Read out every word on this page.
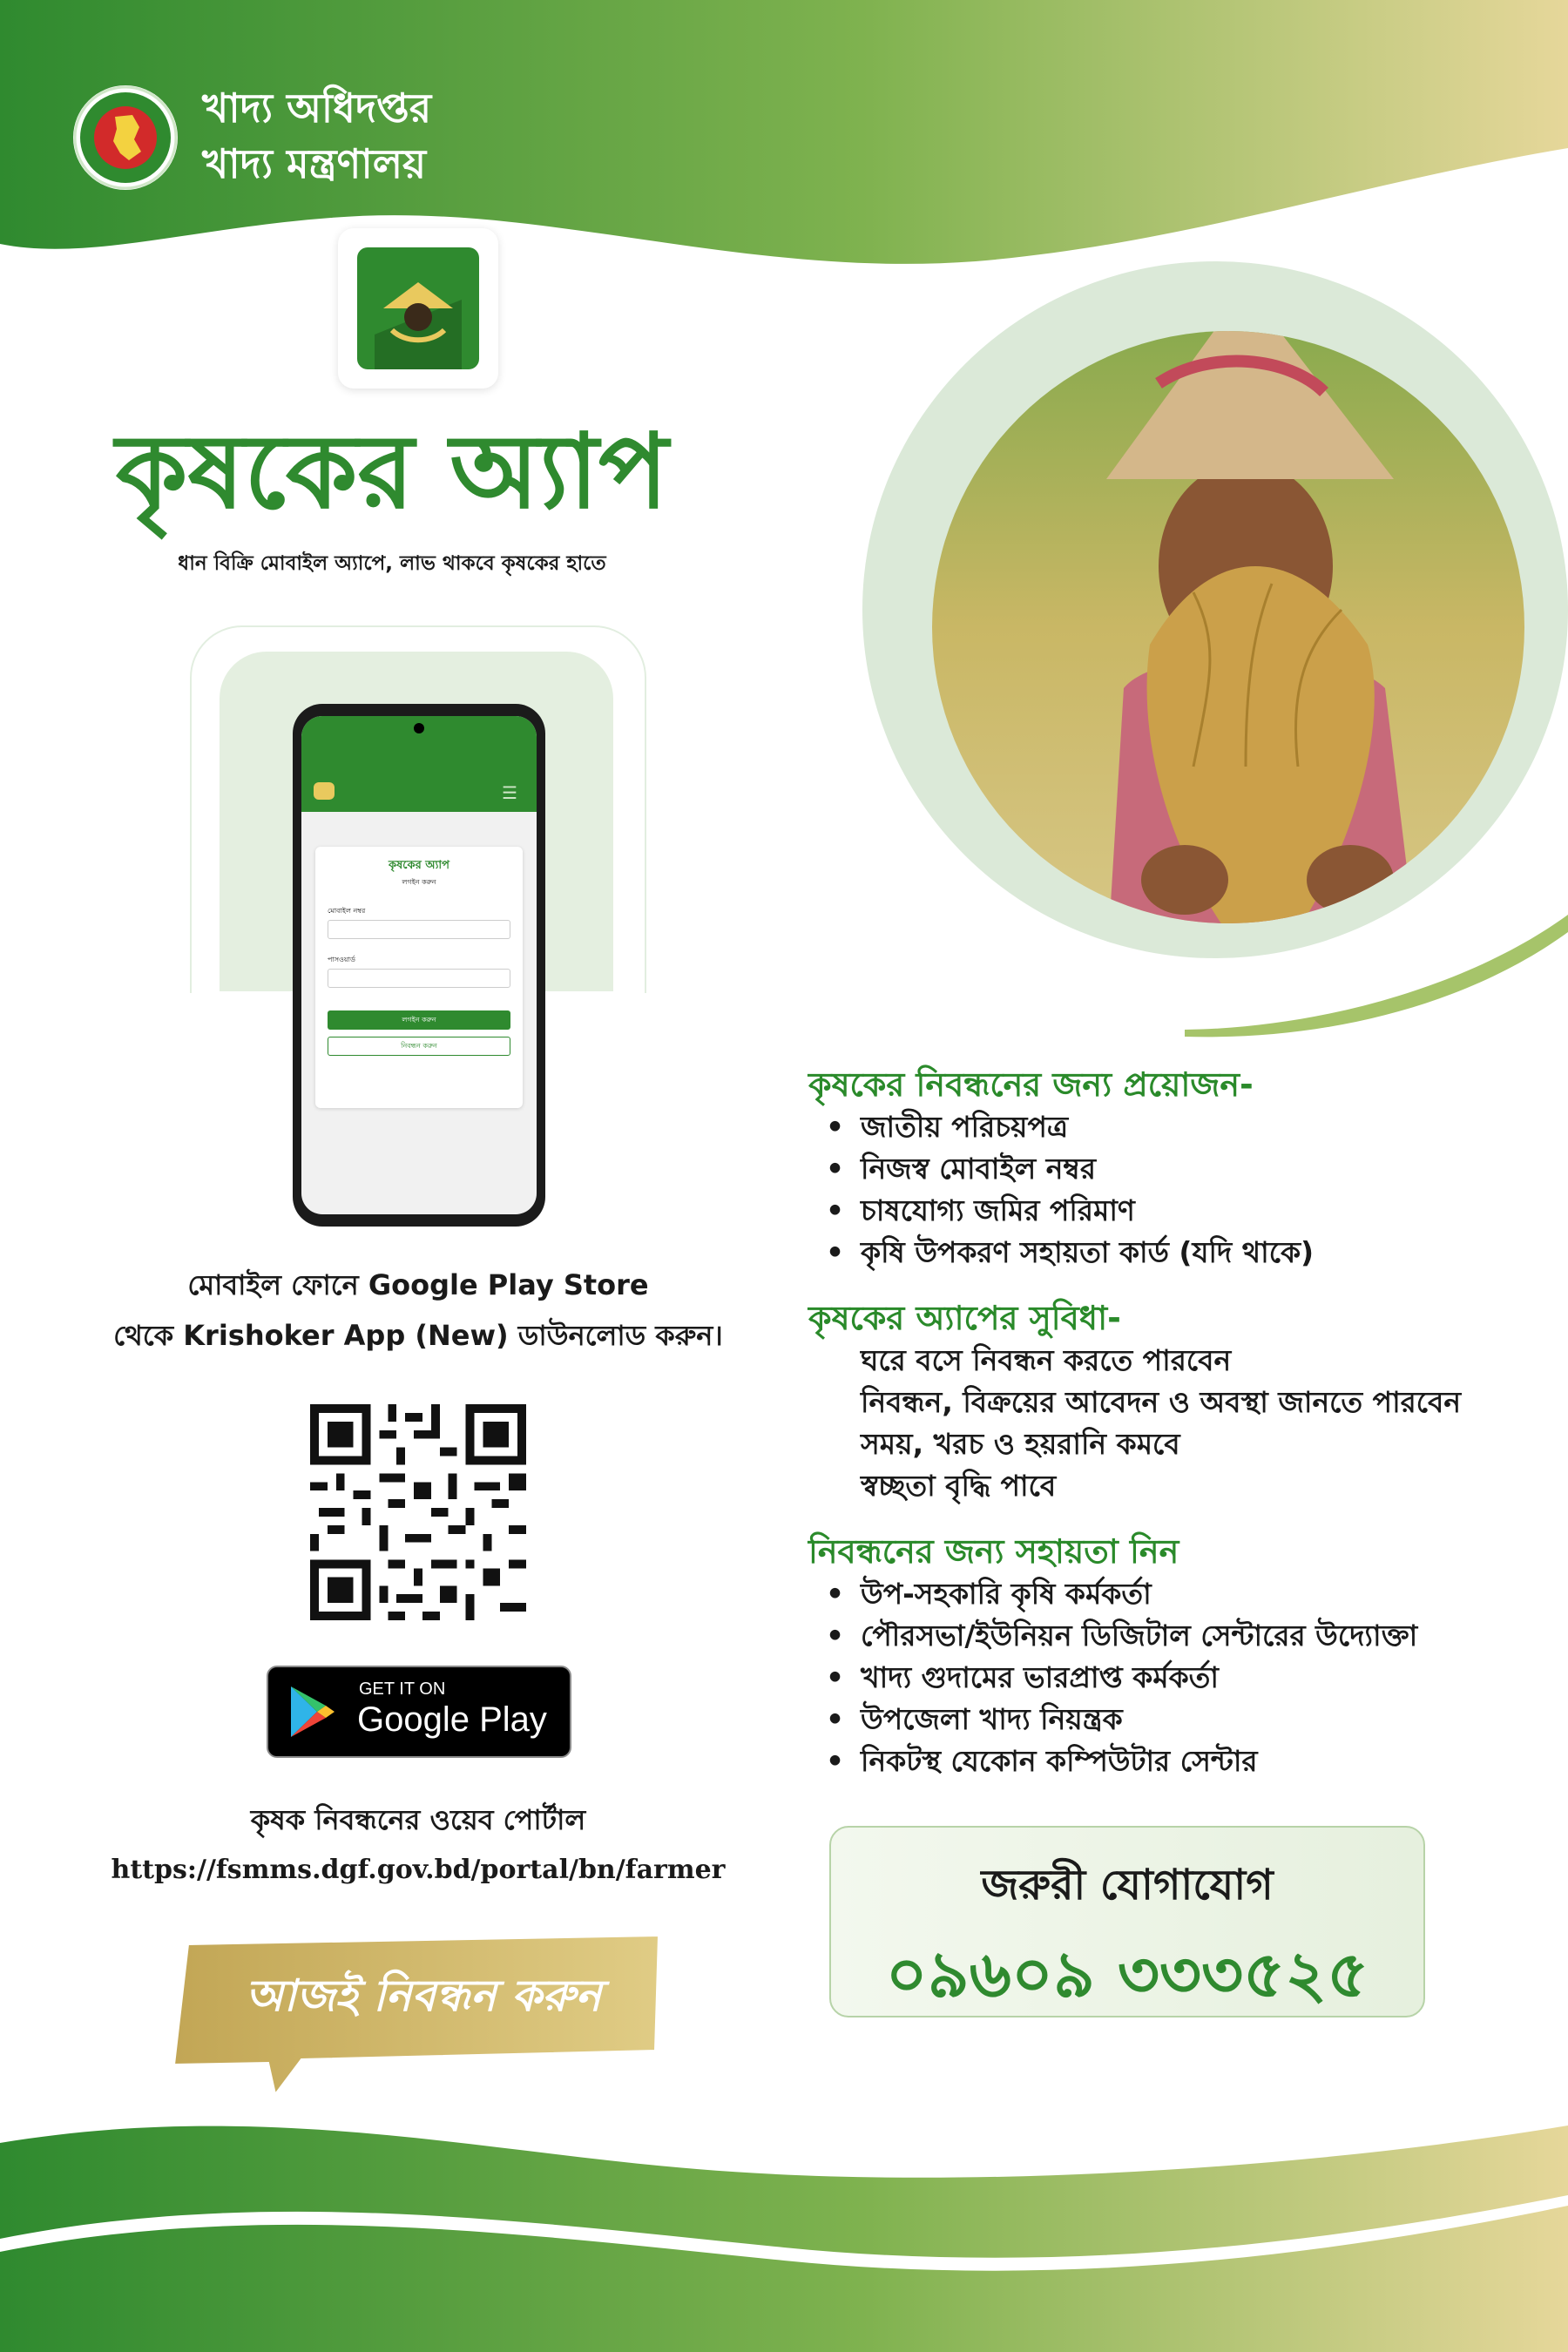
খাদ্য অধিদপ্তর
খাদ্য মন্ত্রণালয়
কৃষকের অ্যাপ
ধান বিক্রি মোবাইল অ্যাপে, লাভ থাকবে কৃষকের হাতে
☰
কৃষকের অ্যাপ
লগইন করুন
মোবাইল নম্বর
পাসওয়ার্ড
লগইন করুন
নিবন্ধন করুন
মোবাইল ফোনে Google Play Store
থেকে Krishoker App (New) ডাউনলোড করুন।
GET IT ON
Google Play
কৃষক নিবন্ধনের ওয়েব পোর্টাল
https://fsmms.dgf.gov.bd/portal/bn/farmer
আজই নিবন্ধন করুন
কৃষকের নিবন্ধনের জন্য প্রয়োজন-
• জাতীয় পরিচয়পত্র
• নিজস্ব মোবাইল নম্বর
• চাষযোগ্য জমির পরিমাণ
• কৃষি উপকরণ সহায়তা কার্ড (যদি থাকে)
কৃষকের অ্যাপের সুবিধা-
ঘরে বসে নিবন্ধন করতে পারবেন
নিবন্ধন, বিক্রয়ের আবেদন ও অবস্থা জানতে পারবেন
সময়, খরচ ও হয়রানি কমবে
স্বচ্ছতা বৃদ্ধি পাবে
নিবন্ধনের জন্য সহায়তা নিন
• উপ-সহকারি কৃষি কর্মকর্তা
• পৌরসভা/ইউনিয়ন ডিজিটাল সেন্টারের উদ্যোক্তা
• খাদ্য গুদামের ভারপ্রাপ্ত কর্মকর্তা
• উপজেলা খাদ্য নিয়ন্ত্রক
• নিকটস্থ যেকোন কম্পিউটার সেন্টার
জরুরী যোগাযোগ
০৯৬০৯ ৩৩৩৫২৫
